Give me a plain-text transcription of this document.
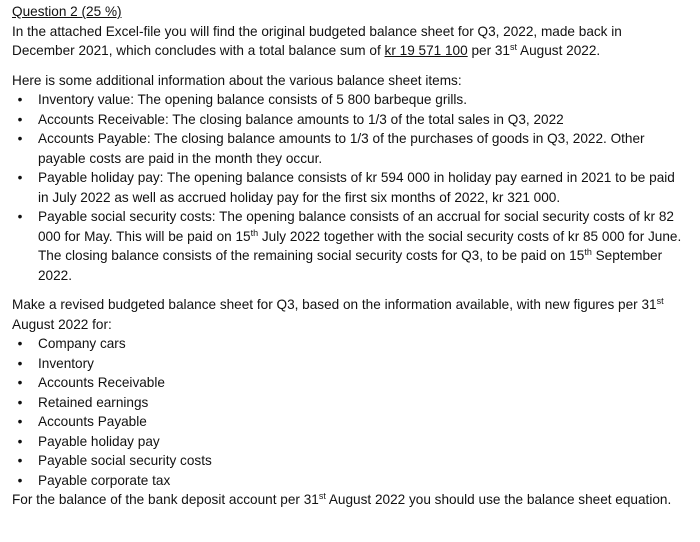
Question 2 (25 %)

In the attached Excel-file you will find the original budgeted balance sheet for Q3, 2022, made back in December 2021, which concludes with a total balance sum of kr 19 571 100 per 31st August 2022.

Here is some additional information about the various balance sheet items:

• Inventory value: The opening balance consists of 5 800 barbeque grills.
• Accounts Receivable: The closing balance amounts to 1/3 of the total sales in Q3, 2022
• Accounts Payable: The closing balance amounts to 1/3 of the purchases of goods in Q3, 2022. Other payable costs are paid in the month they occur.
• Payable holiday pay: The opening balance consists of kr 594 000 in holiday pay earned in 2021 to be paid in July 2022 as well as accrued holiday pay for the first six months of 2022, kr 321 000.
• Payable social security costs: The opening balance consists of an accrual for social security costs of kr 82 000 for May. This will be paid on 15th July 2022 together with the social security costs of kr 85 000 for June. The closing balance consists of the remaining social security costs for Q3, to be paid on 15th September 2022.

Make a revised budgeted balance sheet for Q3, based on the information available, with new figures per 31st August 2022 for:

• Company cars
• Inventory
• Accounts Receivable
• Retained earnings
• Accounts Payable
• Payable holiday pay
• Payable social security costs
• Payable corporate tax

For the balance of the bank deposit account per 31st August 2022 you should use the balance sheet equation.
